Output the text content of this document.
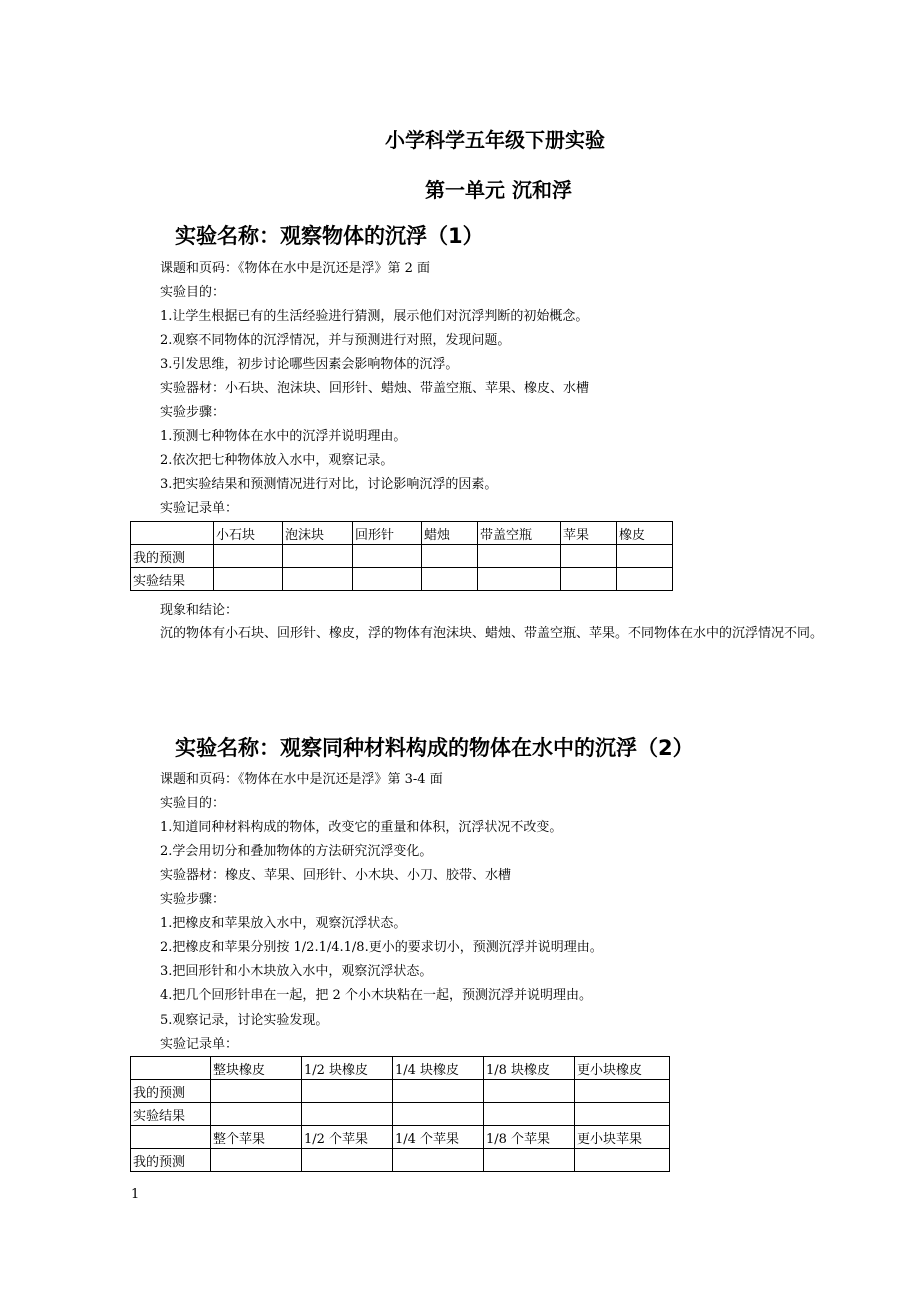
小学科学五年级下册实验
第一单元 沉和浮
实验名称：观察物体的沉浮（1）
课题和页码：《物体在水中是沉还是浮》第 2 面
实验目的：
1.让学生根据已有的生活经验进行猜测，展示他们对沉浮判断的初始概念。
2.观察不同物体的沉浮情况，并与预测进行对照，发现问题。
3.引发思维，初步讨论哪些因素会影响物体的沉浮。
实验器材：小石块、泡沫块、回形针、蜡烛、带盖空瓶、苹果、橡皮、水槽
实验步骤：
1.预测七种物体在水中的沉浮并说明理由。
2.依次把七种物体放入水中，观察记录。
3.把实验结果和预测情况进行对比，讨论影响沉浮的因素。
实验记录单：
	小石块	泡沫块	回形针	蜡烛	带盖空瓶	苹果	橡皮
我的预测							
实验结果							
现象和结论：
沉的物体有小石块、回形针、橡皮，浮的物体有泡沫块、蜡烛、带盖空瓶、苹果。不同物体在水中的沉浮情况不同。
实验名称：观察同种材料构成的物体在水中的沉浮（2）
课题和页码：《物体在水中是沉还是浮》第 3-4 面
实验目的：
1.知道同种材料构成的物体，改变它的重量和体积，沉浮状况不改变。
2.学会用切分和叠加物体的方法研究沉浮变化。
实验器材：橡皮、苹果、回形针、小木块、小刀、胶带、水槽
实验步骤：
1.把橡皮和苹果放入水中，观察沉浮状态。
2.把橡皮和苹果分别按 1/2.1/4.1/8.更小的要求切小，预测沉浮并说明理由。
3.把回形针和小木块放入水中，观察沉浮状态。
4.把几个回形针串在一起，把 2 个小木块粘在一起，预测沉浮并说明理由。
5.观察记录，讨论实验发现。
实验记录单：
	整块橡皮	1/2 块橡皮	1/4 块橡皮	1/8 块橡皮	更小块橡皮
我的预测					
实验结果					
	整个苹果	1/2 个苹果	1/4 个苹果	1/8 个苹果	更小块苹果
我的预测					
1
